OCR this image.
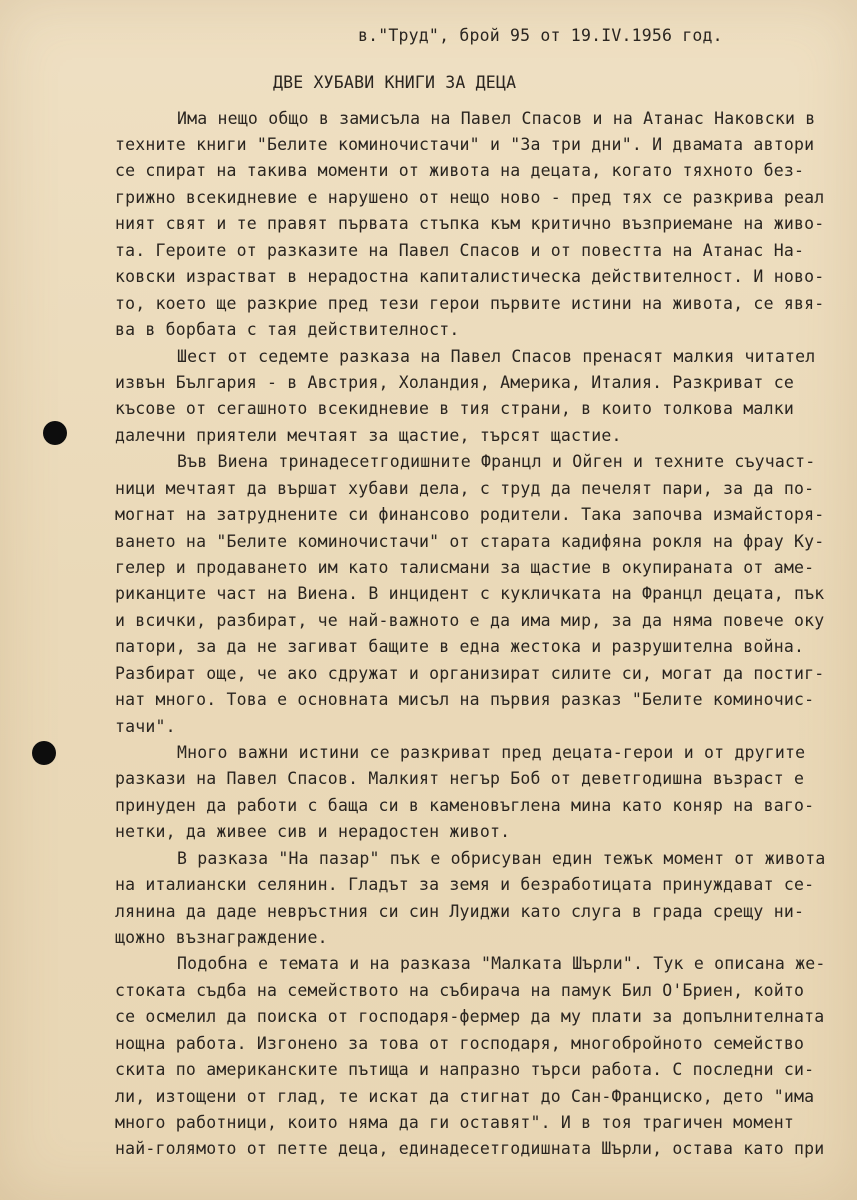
в."Труд", брой 95 от 19.IV.1956 год.

ДВЕ ХУБАВИ КНИГИ ЗА ДЕЦА

Има нещо общо в замисъла на Павел Спасов и на Атанас Наковски в

техните книги "Белите коминочистачи" и "За три дни". И двамата автори

се спират на такива моменти от живота на децата, когато тяхното без-

грижно всекидневие е нарушено от нещо ново - пред тях се разкрива реал

ният свят и те правят първата стъпка към критично възприемане на живо-

та. Героите от разказите на Павел Спасов и от повестта на Атанас На-

ковски израстват в нерадостна капиталистическа действителност. И ново-

то, което ще разкрие пред тези герои първите истини на живота, се явя-

ва в борбата с тая действителност.

Шест от седемте разказа на Павел Спасов пренасят малкия читател

извън България - в Австрия, Холандия, Америка, Италия. Разкриват се

късове от сегашното всекидневие в тия страни, в които толкова малки

далечни приятели мечтаят за щастие, търсят щастие.

Във Виена тринадесетгодишните Францл и Ойген и техните съучаст-

ници мечтаят да вършат хубави дела, с труд да печелят пари, за да по-

могнат на затруднените си финансово родители. Така започва измайсторя-

ването на "Белите коминочистачи" от старата кадифяна рокля на фрау Ку-

гелер и продаването им като талисмани за щастие в окупираната от аме-

риканците част на Виена. В инцидент с кукличката на Францл децата, пък

и всички, разбират, че най-важното е да има мир, за да няма повече оку

патори, за да не загиват бащите в една жестока и разрушителна война.

Разбират още, че ако сдружат и организират силите си, могат да постиг-

нат много. Това е основната мисъл на първия разказ "Белите коминочис-

тачи".

Много важни истини се разкриват пред децата-герои и от другите

разкази на Павел Спасов. Малкият негър Боб от деветгодишна възраст е

принуден да работи с баща си в каменовъглена мина като коняр на ваго-

нетки, да живее сив и нерадостен живот.

В разказа "На пазар" пък е обрисуван един тежък момент от живота

на италиански селянин. Гладът за земя и безработицата принуждават се-

лянина да даде невръстния си син Луиджи като слуга в града срещу ни-

щожно възнаграждение.

Подобна е темата и на разказа "Малката Шърли". Тук е описана же-

стоката съдба на семейството на събирача на памук Бил О'Бриен, който

се осмелил да поиска от господаря-фермер да му плати за допълнителната

нощна работа. Изгонено за това от господаря, многобройното семейство

скита по американските пътища и напразно търси работа. С последни си-

ли, изтощени от глад, те искат да стигнат до Сан-Франциско, дето "има

много работници, които няма да ги оставят". И в тоя трагичен момент

най-голямото от петте деца, единадесетгодишната Шърли, остава като при
